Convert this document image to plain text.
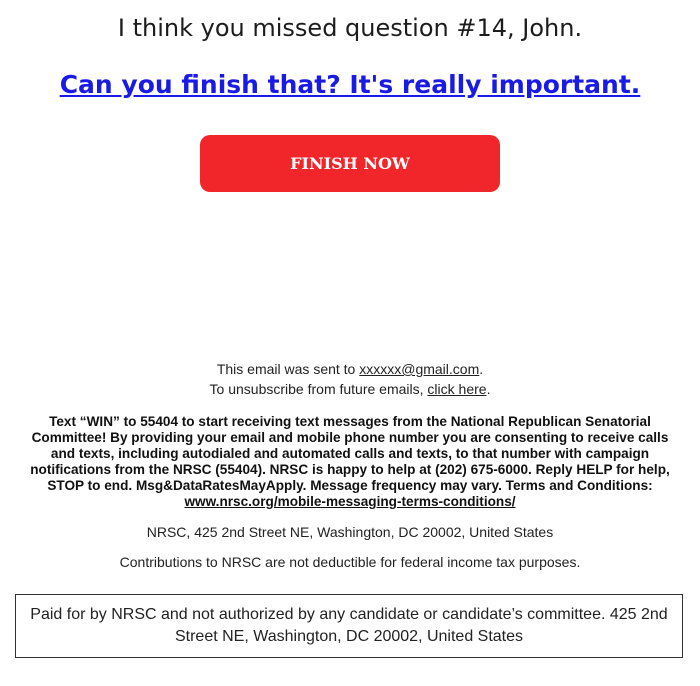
I think you missed question #14, John.
Can you finish that? It's really important.
FINISH NOW
This email was sent to xxxxxx@gmail.com.
To unsubscribe from future emails, click here.
Text “WIN” to 55404 to start receiving text messages from the National Republican Senatorial Committee! By providing your email and mobile phone number you are consenting to receive calls and texts, including autodialed and automated calls and texts, to that number with campaign notifications from the NRSC (55404). NRSC is happy to help at (202) 675-6000. Reply HELP for help, STOP to end. Msg&DataRatesMayApply. Message frequency may vary. Terms and Conditions: www.nrsc.org/mobile-messaging-terms-conditions/
NRSC, 425 2nd Street NE, Washington, DC 20002, United States
Contributions to NRSC are not deductible for federal income tax purposes.
Paid for by NRSC and not authorized by any candidate or candidate’s committee. 425 2nd Street NE, Washington, DC 20002, United States
